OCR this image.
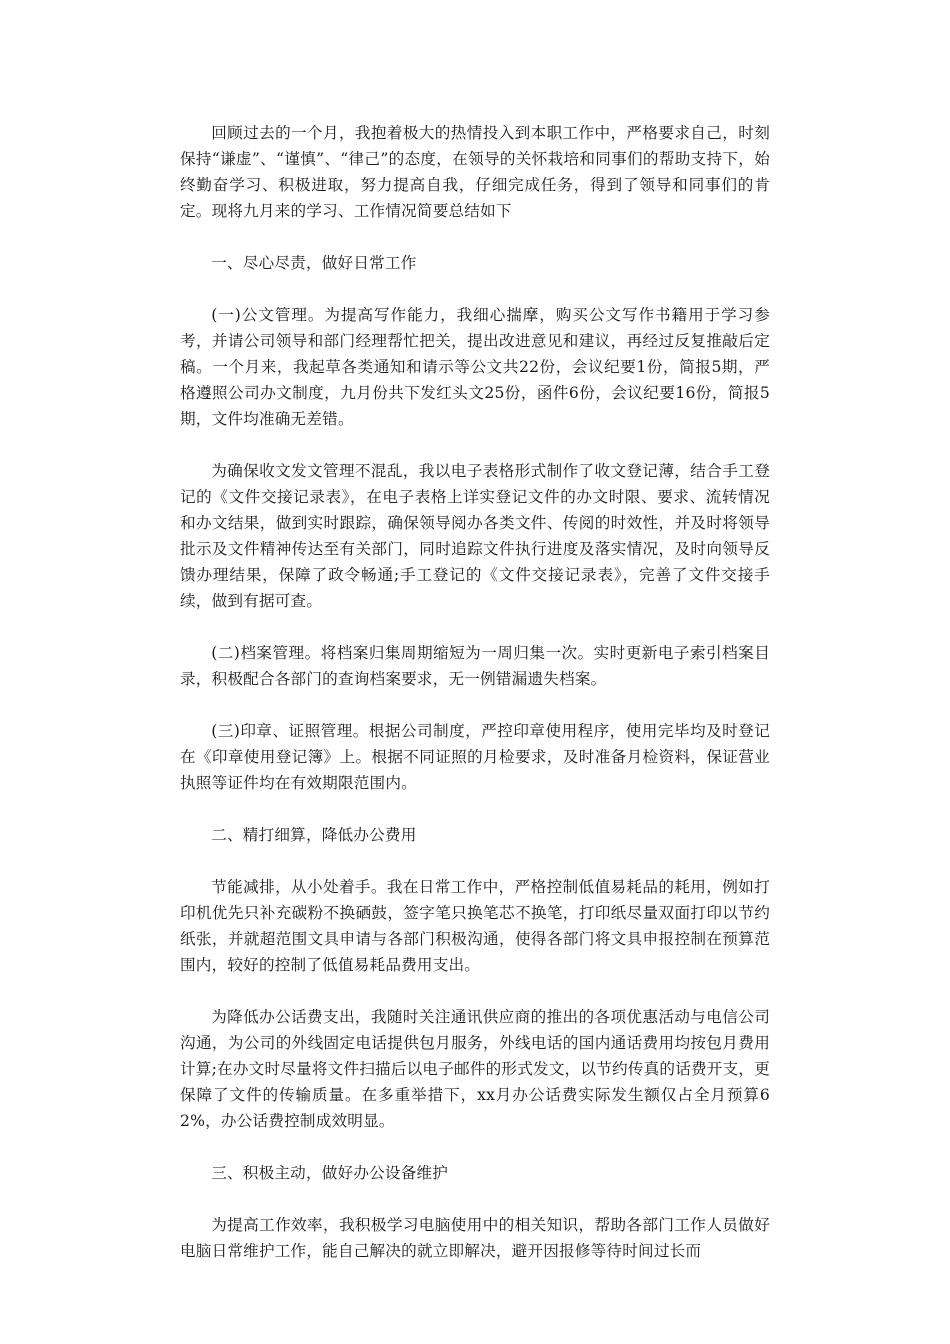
回顾过去的一个月，我抱着极大的热情投入到本职工作中，严格要求自己，时刻保持“谦虚”、“谨慎”、“律己”的态度，在领导的关怀栽培和同事们的帮助支持下，始终勤奋学习、积极进取，努力提高自我，仔细完成任务，得到了领导和同事们的肯定。现将九月来的学习、工作情况简要总结如下

一、尽心尽责，做好日常工作

(一)公文管理。为提高写作能力，我细心揣摩，购买公文写作书籍用于学习参考，并请公司领导和部门经理帮忙把关，提出改进意见和建议，再经过反复推敲后定稿。一个月来，我起草各类通知和请示等公文共22份，会议纪要1份，简报5期，严格遵照公司办文制度，九月份共下发红头文25份，函件6份，会议纪要16份，简报5期，文件均准确无差错。

为确保收文发文管理不混乱，我以电子表格形式制作了收文登记薄，结合手工登记的《文件交接记录表》，在电子表格上详实登记文件的办文时限、要求、流转情况和办文结果，做到实时跟踪，确保领导阅办各类文件、传阅的时效性，并及时将领导批示及文件精神传达至有关部门，同时追踪文件执行进度及落实情况，及时向领导反馈办理结果，保障了政令畅通;手工登记的《文件交接记录表》，完善了文件交接手续，做到有据可查。

(二)档案管理。将档案归集周期缩短为一周归集一次。实时更新电子索引档案目录，积极配合各部门的查询档案要求，无一例错漏遗失档案。

(三)印章、证照管理。根据公司制度，严控印章使用程序，使用完毕均及时登记在《印章使用登记簿》上。根据不同证照的月检要求，及时准备月检资料，保证营业执照等证件均在有效期限范围内。

二、精打细算，降低办公费用

节能减排，从小处着手。我在日常工作中，严格控制低值易耗品的耗用，例如打印机优先只补充碳粉不换硒鼓，签字笔只换笔芯不换笔，打印纸尽量双面打印以节约纸张，并就超范围文具申请与各部门积极沟通，使得各部门将文具申报控制在预算范围内，较好的控制了低值易耗品费用支出。

为降低办公话费支出，我随时关注通讯供应商的推出的各项优惠活动与电信公司沟通，为公司的外线固定电话提供包月服务，外线电话的国内通话费用均按包月费用计算;在办文时尽量将文件扫描后以电子邮件的形式发文，以节约传真的话费开支，更保障了文件的传输质量。在多重举措下，xx月办公话费实际发生额仅占全月预算62%，办公话费控制成效明显。

三、积极主动，做好办公设备维护

为提高工作效率，我积极学习电脑使用中的相关知识，帮助各部门工作人员做好电脑日常维护工作，能自己解决的就立即解决，避开因报修等待时间过长而
